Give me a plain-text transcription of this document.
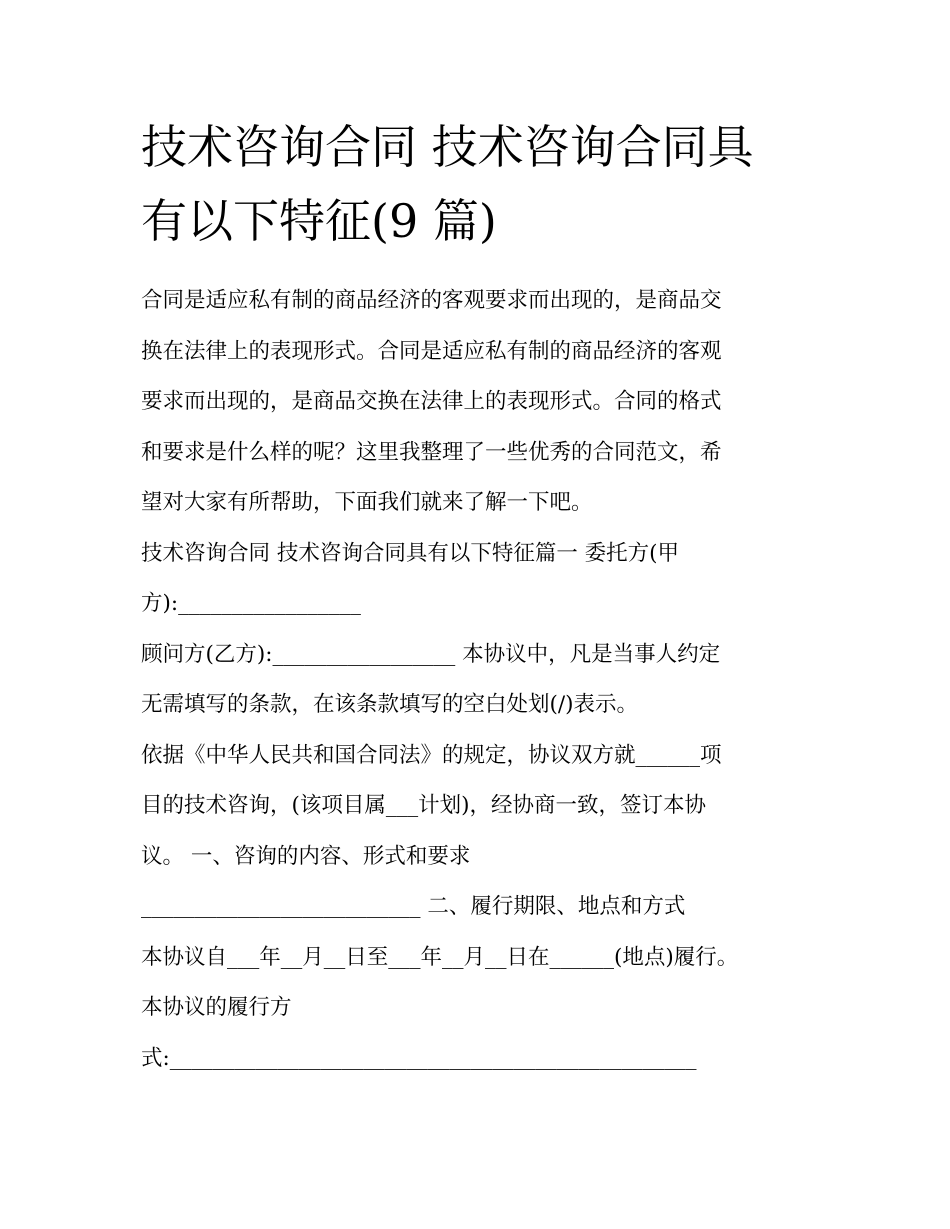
技术咨询合同 技术咨询合同具
有以下特征(9 篇)

合同是适应私有制的商品经济的客观要求而出现的，是商品交

换在法律上的表现形式。合同是适应私有制的商品经济的客观

要求而出现的，是商品交换在法律上的表现形式。合同的格式

和要求是什么样的呢？这里我整理了一些优秀的合同范文，希

望对大家有所帮助，下面我们就来了解一下吧。

技术咨询合同 技术咨询合同具有以下特征篇一 委托方(甲

方):_________________

顾问方(乙方):_________________ 本协议中，凡是当事人约定

无需填写的条款，在该条款填写的空白处划(/)表示。

依据《中华人民共和国合同法》的规定，协议双方就______项

目的技术咨询，(该项目属___计划)，经协商一致，签订本协

议。 一、咨询的内容、形式和要求

__________________________ 二、履行期限、地点和方式

本协议自___年__月__日至___年__月__日在______(地点)履行。

本协议的履行方

式:_________________________________________________
